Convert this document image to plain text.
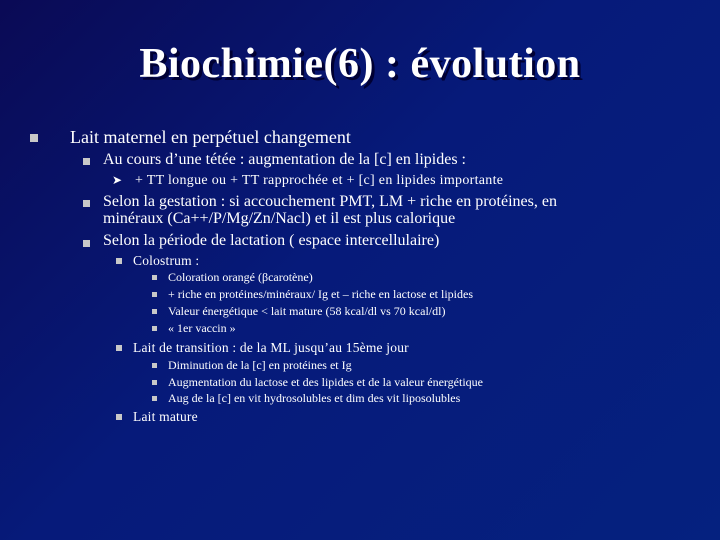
Biochimie(6) : évolution
Lait maternel en perpétuel changement
Au cours d’une tétée : augmentation de la [c] en lipides :
➤ + TT longue ou + TT rapprochée et + [c] en lipides importante
Selon la gestation : si accouchement PMT, LM + riche en protéines, en
minéraux (Ca++/P/Mg/Zn/Nacl) et il est plus calorique
Selon la période de lactation ( espace intercellulaire)
Colostrum :
Coloration orangé (βcarotène)
+ riche en protéines/minéraux/ Ig et – riche en lactose et lipides
Valeur énergétique < lait mature (58 kcal/dl vs 70 kcal/dl)
« 1er vaccin »
Lait de transition : de la ML jusqu’au 15ème jour
Diminution de la [c] en protéines et Ig
Augmentation du lactose et des lipides et de la valeur énergétique
Aug de la [c] en vit hydrosolubles et dim des vit liposolubles
Lait mature
